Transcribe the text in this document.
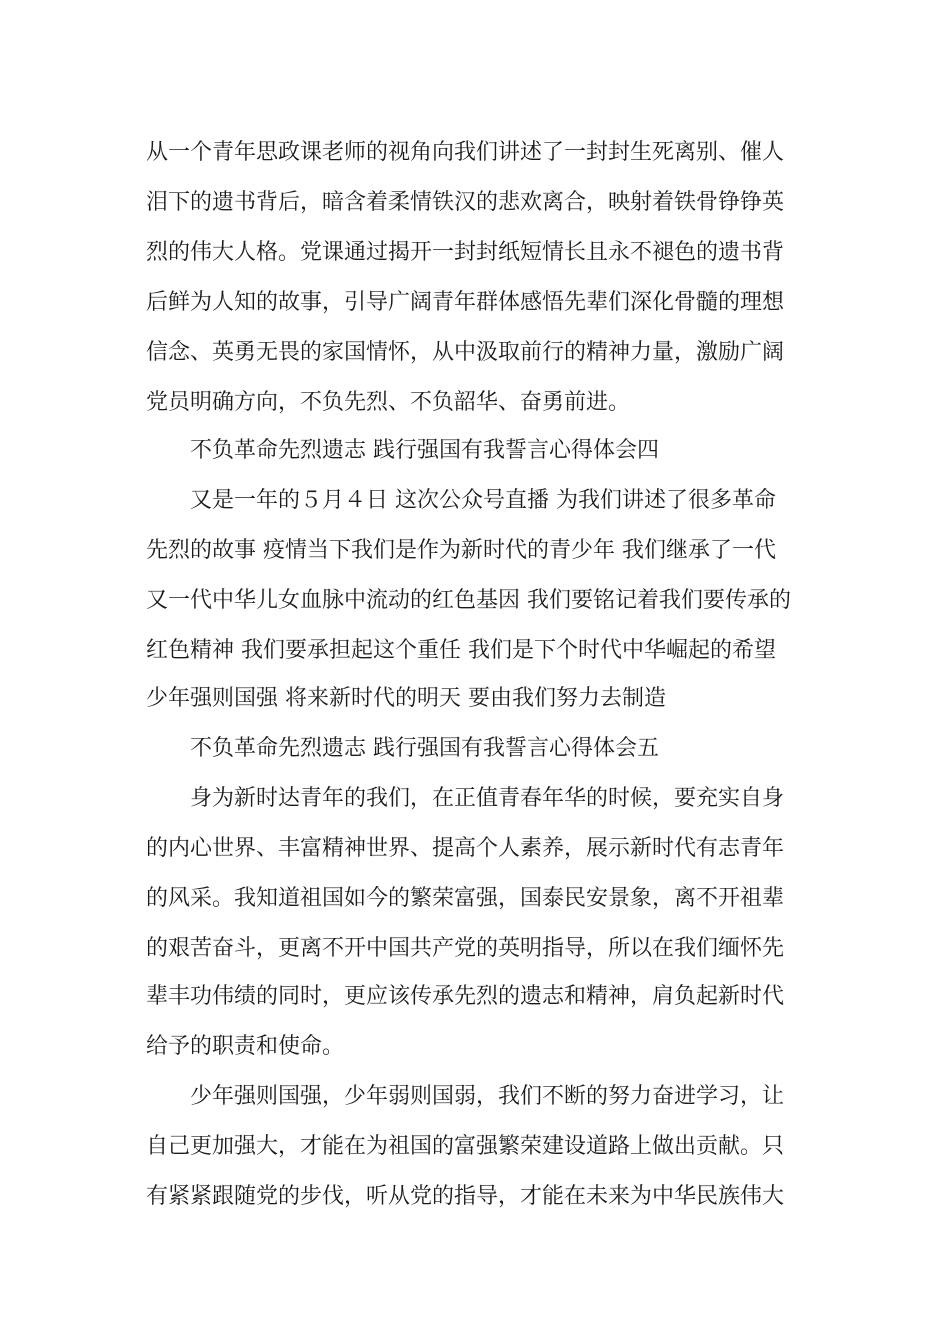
从一个青年思政课老师的视角向我们讲述了一封封生死离别、催人
泪下的遗书背后，暗含着柔情铁汉的悲欢离合，映射着铁骨铮铮英
烈的伟大人格。党课通过揭开一封封纸短情长且永不褪色的遗书背
后鲜为人知的故事，引导广阔青年群体感悟先辈们深化骨髓的理想
信念、英勇无畏的家国情怀，从中汲取前行的精神力量，激励广阔
党员明确方向，不负先烈、不负韶华、奋勇前进。
不负革命先烈遗志 践行强国有我誓言心得体会四
又是一年的５月４日 这次公众号直播 为我们讲述了很多革命
先烈的故事 疫情当下我们是作为新时代的青少年 我们继承了一代
又一代中华儿女血脉中流动的红色基因 我们要铭记着我们要传承的
红色精神 我们要承担起这个重任 我们是下个时代中华崛起的希望
少年强则国强 将来新时代的明天 要由我们努力去制造
不负革命先烈遗志 践行强国有我誓言心得体会五
身为新时达青年的我们，在正值青春年华的时候，要充实自身
的内心世界、丰富精神世界、提高个人素养，展示新时代有志青年
的风采。我知道祖国如今的繁荣富强，国泰民安景象，离不开祖辈
的艰苦奋斗，更离不开中国共产党的英明指导，所以在我们缅怀先
辈丰功伟绩的同时，更应该传承先烈的遗志和精神，肩负起新时代
给予的职责和使命。
少年强则国强，少年弱则国弱，我们不断的努力奋进学习，让
自己更加强大，才能在为祖国的富强繁荣建设道路上做出贡献。只
有紧紧跟随党的步伐，听从党的指导，才能在未来为中华民族伟大
